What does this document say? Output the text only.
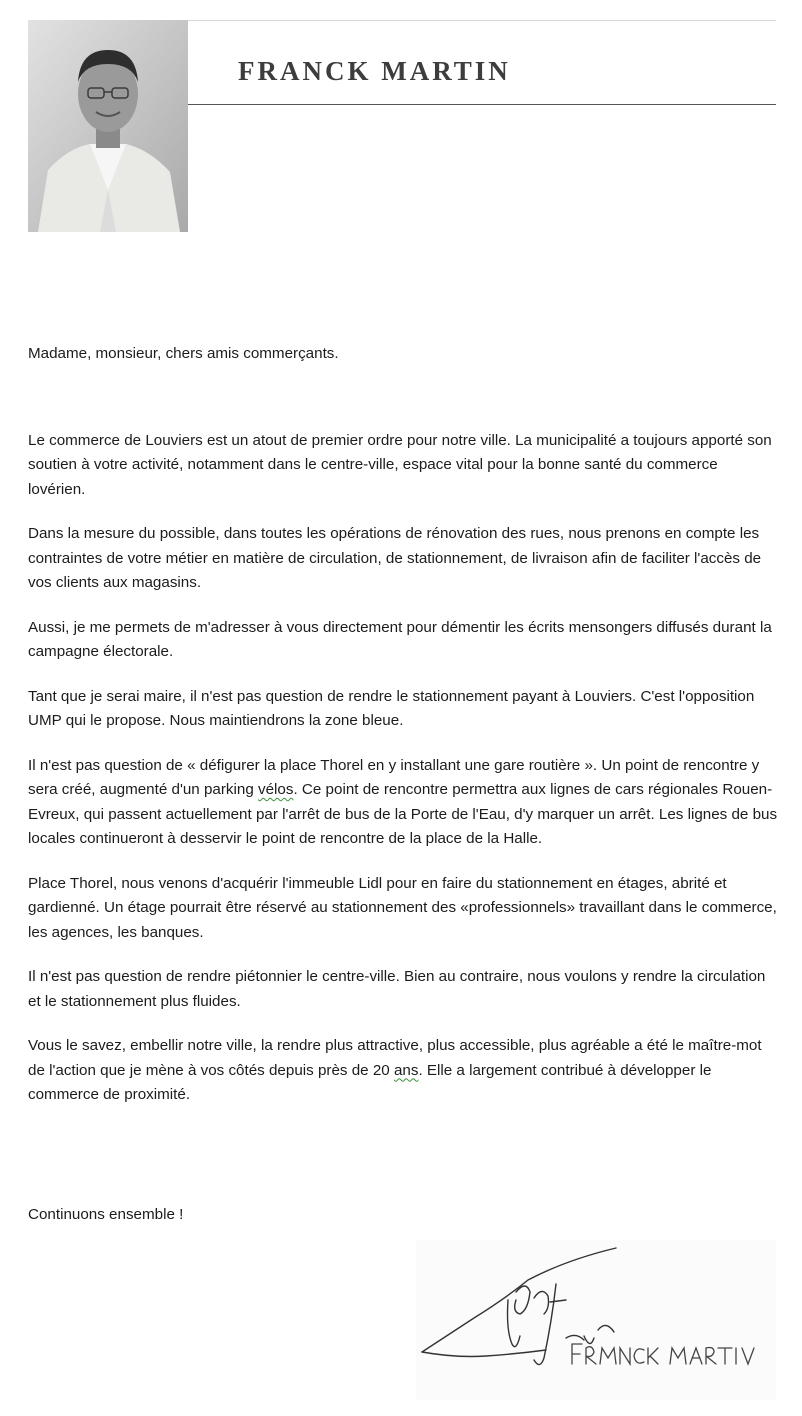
FRANCK MARTIN

Madame, monsieur, chers amis commerçants.

Le commerce de Louviers est un atout de premier ordre pour notre ville. La municipalité a toujours apporté son soutien à votre activité, notamment dans le centre-ville, espace vital pour la bonne santé du commerce lovérien.

Dans la mesure du possible, dans toutes les opérations de rénovation des rues, nous prenons en compte les contraintes de votre métier en matière de circulation, de stationnement, de livraison afin de faciliter l'accès de vos clients aux magasins.

Aussi, je me permets de m'adresser à vous directement pour démentir les écrits mensongers diffusés durant la campagne électorale.

Tant que je serai maire, il n'est pas question de rendre le stationnement payant à Louviers. C'est l'opposition UMP qui le propose. Nous maintiendrons la zone bleue.

Il n'est pas question de « défigurer la place Thorel en y installant une gare routière ». Un point de rencontre y sera créé, augmenté d'un parking vélos. Ce point de rencontre permettra aux lignes de cars régionales Rouen-Evreux, qui passent actuellement par l'arrêt de bus de la Porte de l'Eau, d'y marquer un arrêt. Les lignes de bus locales continueront à desservir le point de rencontre de la place de la Halle.

Place Thorel, nous venons d'acquérir l'immeuble Lidl pour en faire du stationnement en étages, abrité et gardienné. Un étage pourrait être réservé au stationnement des «professionnels» travaillant dans le commerce, les agences, les banques.

Il n'est pas question de rendre piétonnier le centre-ville. Bien au contraire, nous voulons y rendre la circulation et le stationnement plus fluides.

Vous le savez, embellir notre ville, la rendre plus attractive, plus accessible, plus agréable a été le maître-mot de l'action que je mène à vos côtés depuis près de 20 ans. Elle a largement contribué à développer le commerce de proximité.

Continuons ensemble !
